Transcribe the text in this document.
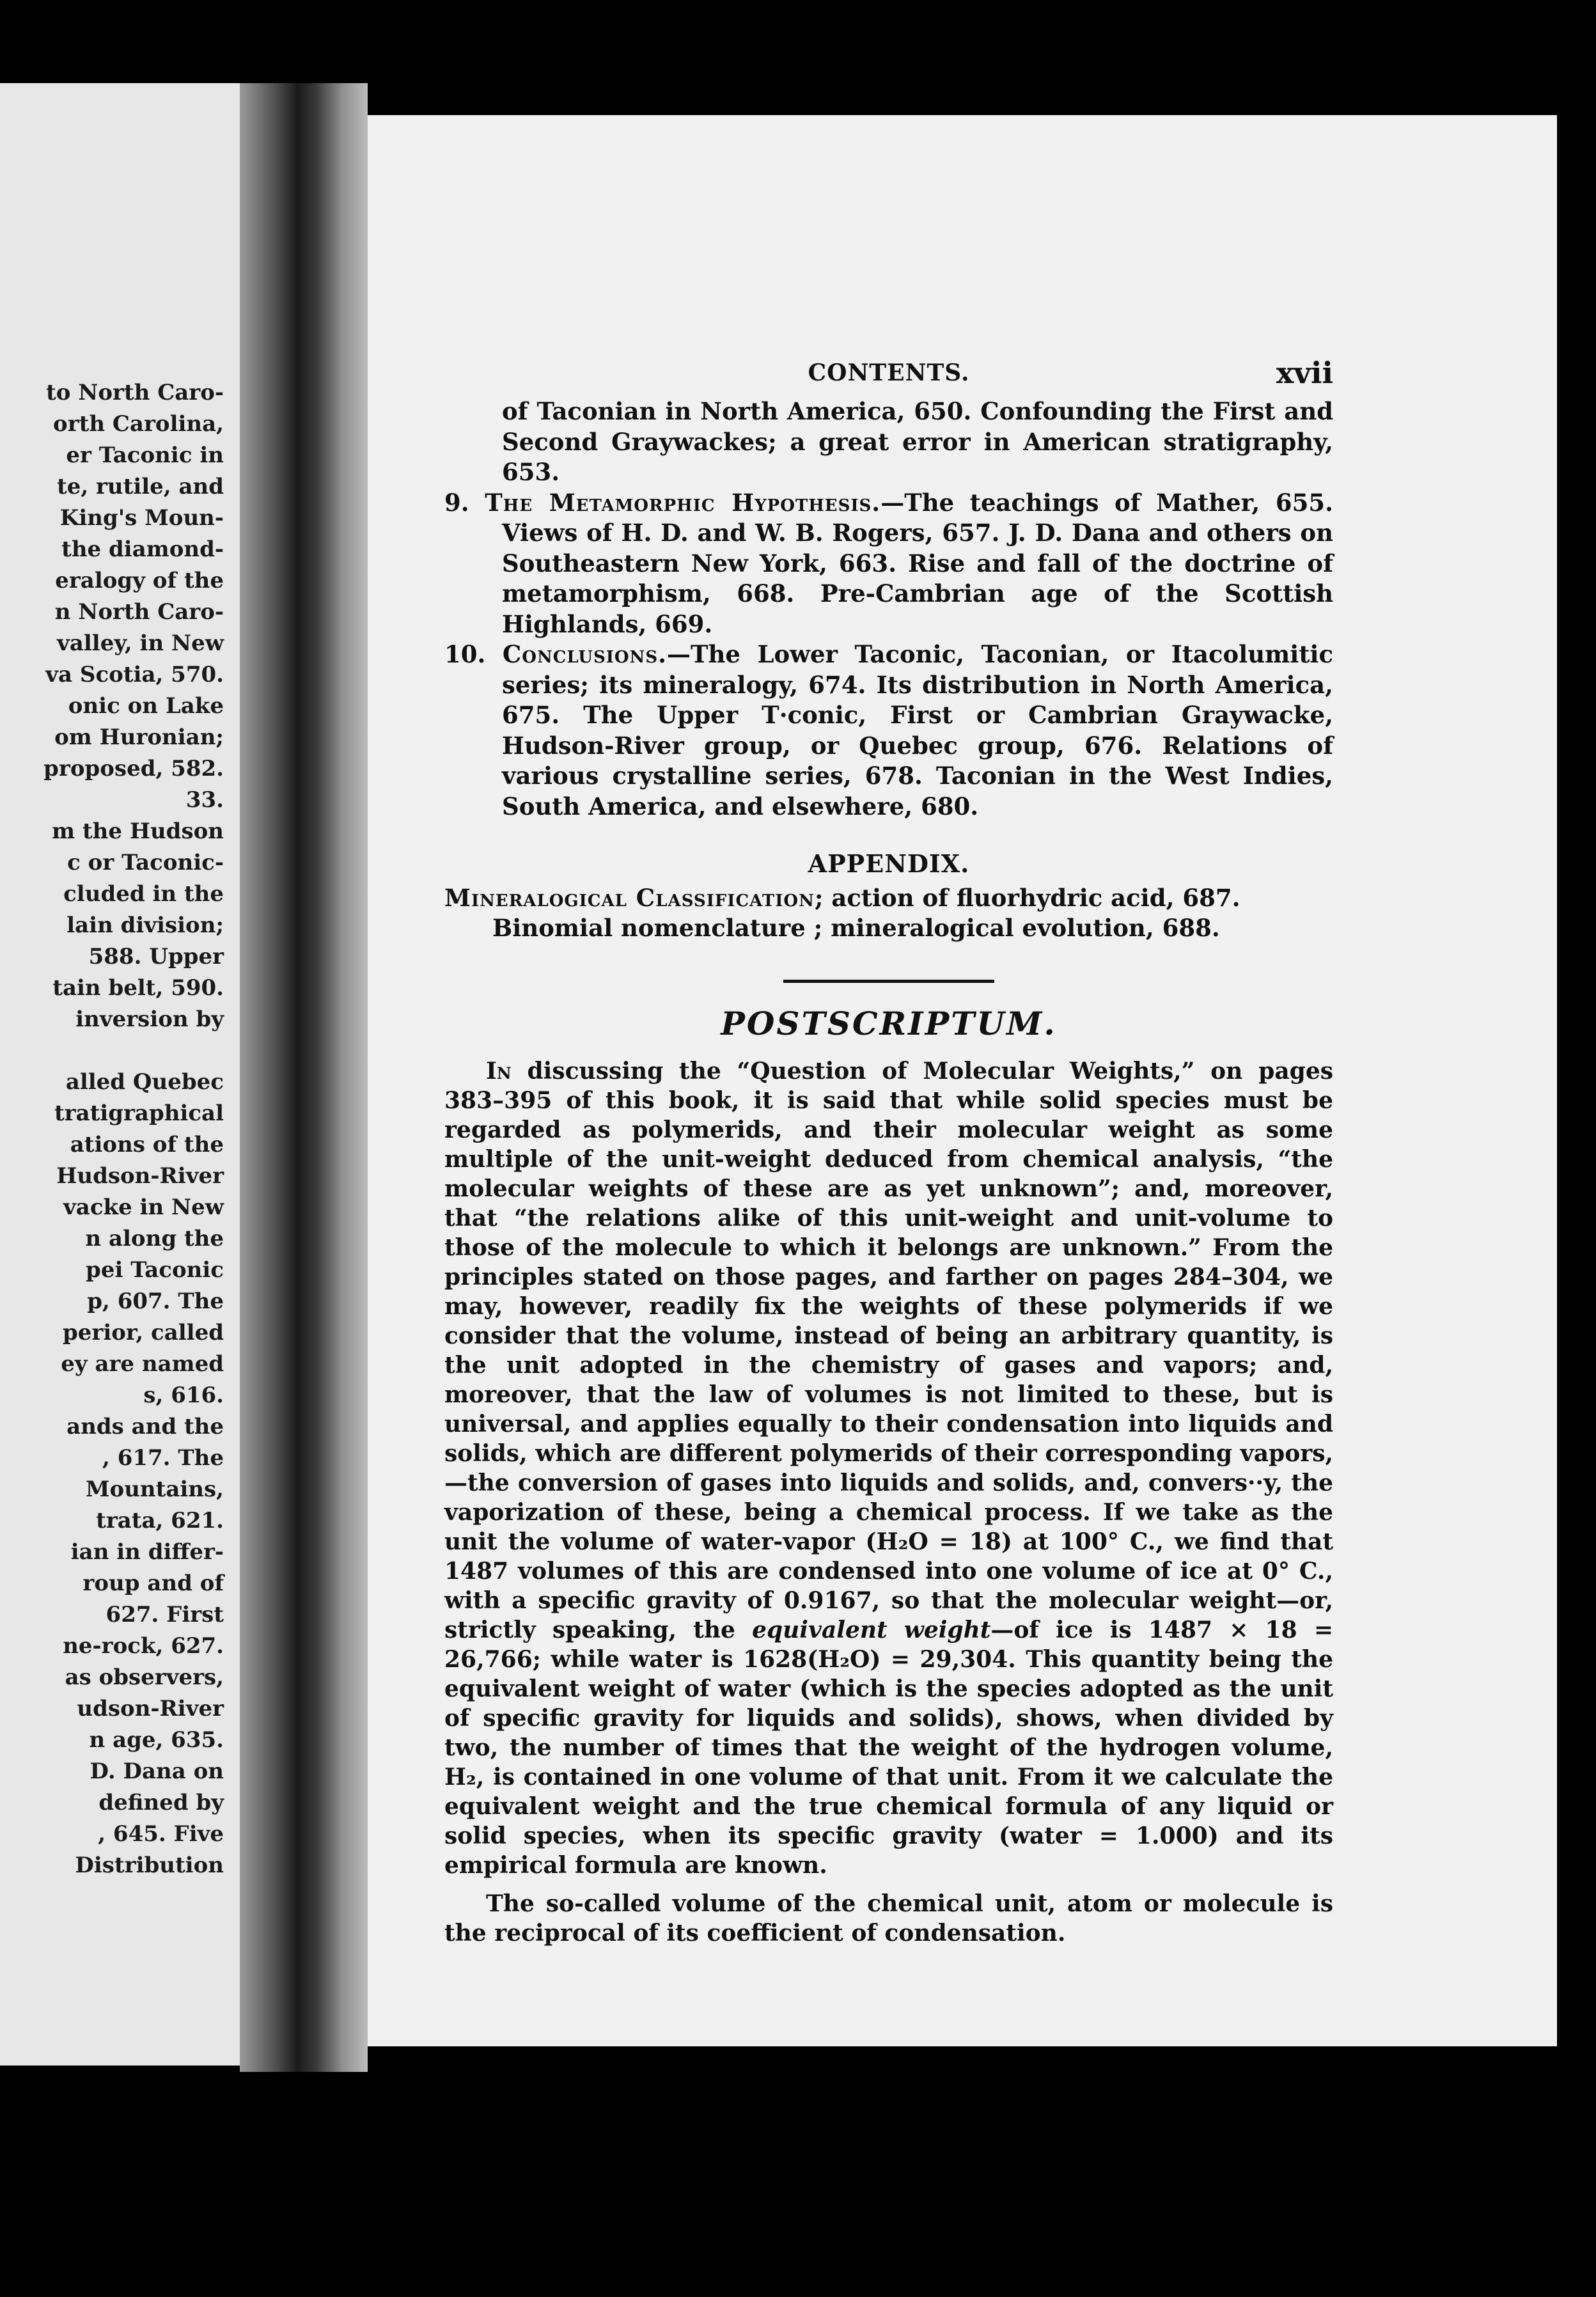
to North Caro-
orth Carolina,
er Taconic in
te, rutile, and
King's Moun-
the diamond-
eralogy of the
n North Caro-
valley, in New
va Scotia, 570.
onic on Lake
om Huronian;
proposed, 582.
33.
m the Hudson
c or Taconic-
cluded in the
lain division;
588. Upper
tain belt, 590.
inversion by

alled Quebec
tratigraphical
ations of the
Hudson-River
vacke in New
n along the
pei Taconic
p, 607. The
perior, called
ey are named
s, 616.
ands and the
, 617. The
Mountains,
trata, 621.
ian in differ-
roup and of
627. First
ne-rock, 627.
as observers,
udson-River
n age, 635.
D. Dana on
defined by
, 645. Five
Distribution
CONTENTS.	xvii

of Taconian in North America, 650. Confounding the First and Second Graywackes; a great error in American stratigraphy, 653.

9. The Metamorphic Hypothesis.—The teachings of Mather, 655. Views of H. D. and W. B. Rogers, 657. J. D. Dana and others on Southeastern New York, 663. Rise and fall of the doctrine of metamorphism, 668. Pre-Cambrian age of the Scottish Highlands, 669.

10. Conclusions.—The Lower Taconic, Taconian, or Itacolumitic series; its mineralogy, 674. Its distribution in North America, 675. The Upper T·conic, First or Cambrian Graywacke, Hudson-River group, or Quebec group, 676. Relations of various crystalline series, 678. Taconian in the West Indies, South America, and elsewhere, 680.

APPENDIX.

Mineralogical Classification; action of fluorhydric acid, 687. Binomial nomenclature ; mineralogical evolution, 688.

POSTSCRIPTUM.

In discussing the “Question of Molecular Weights,” on pages 383–395 of this book, it is said that while solid species must be regarded as polymerids, and their molecular weight as some multiple of the unit-weight deduced from chemical analysis, “the molecular weights of these are as yet unknown”; and, moreover, that “the relations alike of this unit-weight and unit-volume to those of the molecule to which it belongs are unknown.” From the principles stated on those pages, and farther on pages 284–304, we may, however, readily fix the weights of these polymerids if we consider that the volume, instead of being an arbitrary quantity, is the unit adopted in the chemistry of gases and vapors; and, moreover, that the law of volumes is not limited to these, but is universal, and applies equally to their condensation into liquids and solids, which are different polymerids of their corresponding vapors,—the conversion of gases into liquids and solids, and, convers··y, the vaporization of these, being a chemical process. If we take as the unit the volume of water-vapor (H₂O = 18) at 100° C., we find that 1487 volumes of this are condensed into one volume of ice at 0° C., with a specific gravity of 0.9167, so that the molecular weight—or, strictly speaking, the equivalent weight—of ice is 1487 × 18 = 26,766; while water is 1628(H₂O) = 29,304. This quantity being the equivalent weight of water (which is the species adopted as the unit of specific gravity for liquids and solids), shows, when divided by two, the number of times that the weight of the hydrogen volume, H₂, is contained in one volume of that unit. From it we calculate the equivalent weight and the true chemical formula of any liquid or solid species, when its specific gravity (water = 1.000) and its empirical formula are known.

The so-called volume of the chemical unit, atom or molecule is the reciprocal of its coefficient of condensation.
